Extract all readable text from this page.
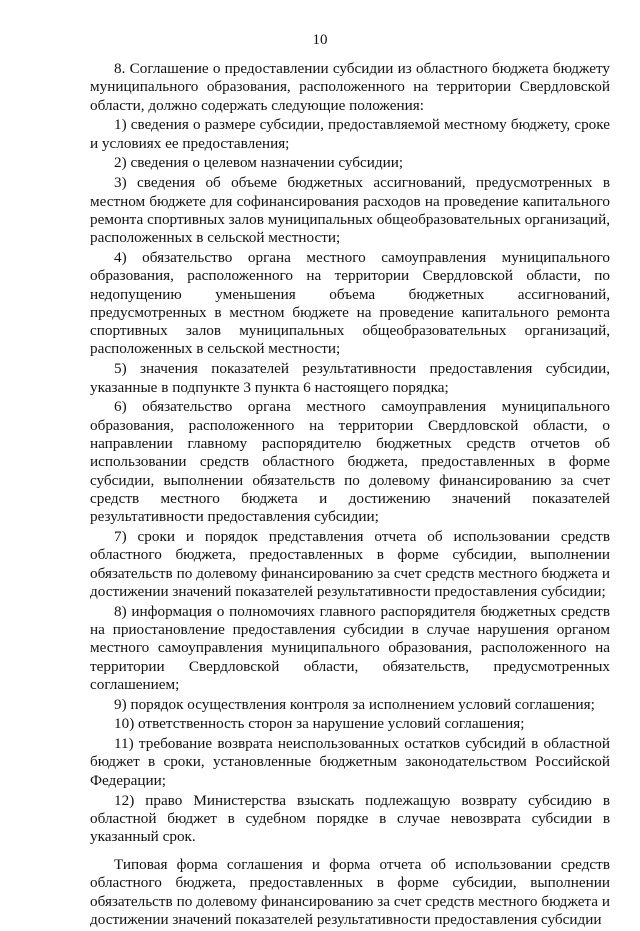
10

8. Соглашение о предоставлении субсидии из областного бюджета бюджету муниципального образования, расположенного на территории Свердловской области, должно содержать следующие положения:

1) сведения о размере субсидии, предоставляемой местному бюджету, сроке и условиях ее предоставления;

2) сведения о целевом назначении субсидии;

3) сведения об объеме бюджетных ассигнований, предусмотренных в местном бюджете для софинансирования расходов на проведение капитального ремонта спортивных залов муниципальных общеобразовательных организаций, расположенных в сельской местности;

4) обязательство органа местного самоуправления муниципального образования, расположенного на территории Свердловской области, по недопущению уменьшения объема бюджетных ассигнований, предусмотренных в местном бюджете на проведение капитального ремонта спортивных залов муниципальных общеобразовательных организаций, расположенных в сельской местности;

5) значения показателей результативности предоставления субсидии, указанные в подпункте 3 пункта 6 настоящего порядка;

6) обязательство органа местного самоуправления муниципального образования, расположенного на территории Свердловской области, о направлении главному распорядителю бюджетных средств отчетов об использовании средств областного бюджета, предоставленных в форме субсидии, выполнении обязательств по долевому финансированию за счет средств местного бюджета и достижению значений показателей результативности предоставления субсидии;

7) сроки и порядок представления отчета об использовании средств областного бюджета, предоставленных в форме субсидии, выполнении обязательств по долевому финансированию за счет средств местного бюджета и достижении значений показателей результативности предоставления субсидии;

8) информация о полномочиях главного распорядителя бюджетных средств на приостановление предоставления субсидии в случае нарушения органом местного самоуправления муниципального образования, расположенного на территории Свердловской области, обязательств, предусмотренных соглашением;

9) порядок осуществления контроля за исполнением условий соглашения;

10) ответственность сторон за нарушение условий соглашения;

11) требование возврата неиспользованных остатков субсидий в областной бюджет в сроки, установленные бюджетным законодательством Российской Федерации;

12) право Министерства взыскать подлежащую возврату субсидию в областной бюджет в судебном порядке в случае невозврата субсидии в указанный срок.

Типовая форма соглашения и форма отчета об использовании средств областного бюджета, предоставленных в форме субсидии, выполнении обязательств по долевому финансированию за счет средств местного бюджета и достижении значений показателей результативности предоставления субсидии
